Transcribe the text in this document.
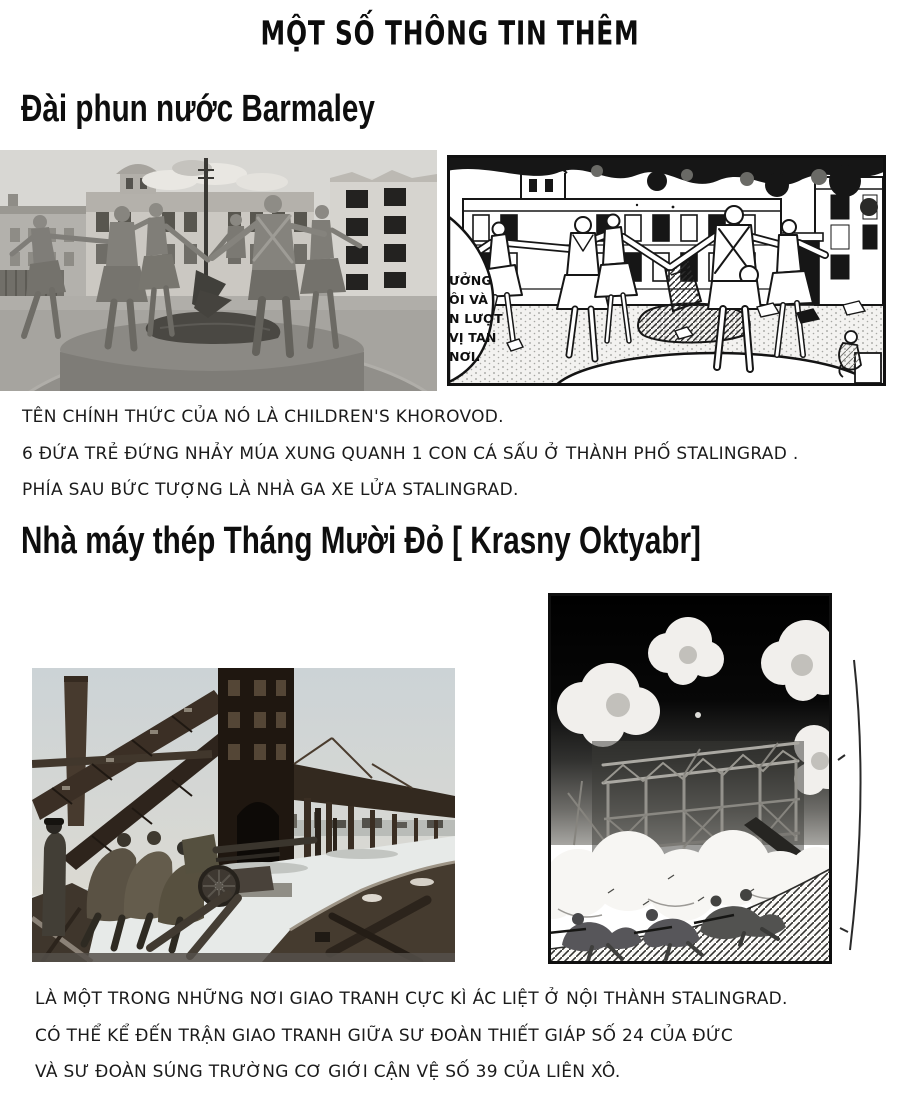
MỘT SỐ THÔNG TIN THÊM
Đài phun nước Barmaley
ƯỞNG
ÔI VÀ
N LƯỢT
VỊ TAN
NƠI.

TÊN CHÍNH THỨC CỦA NÓ LÀ CHILDREN'S KHOROVOD.
6 ĐỨA TRẺ ĐỨNG NHẢY MÚA XUNG QUANH 1 CON CÁ SẤU Ở THÀNH PHỐ STALINGRAD .
PHÍA SAU BỨC TƯỢNG LÀ NHÀ GA XE LỬA STALINGRAD.

Nhà máy thép Tháng Mười Đỏ [ Krasny Oktyabr]

LÀ MỘT TRONG NHỮNG NƠI GIAO TRANH CỰC KÌ ÁC LIỆT Ở NỘI THÀNH STALINGRAD.
CÓ THỂ KỂ ĐẾN TRẬN GIAO TRANH GIỮA SƯ ĐOÀN THIẾT GIÁP SỐ 24 CỦA ĐỨC
VÀ SƯ ĐOÀN SÚNG TRƯỜNG CƠ GIỚI CẬN VỆ SỐ 39 CỦA LIÊN XÔ.
